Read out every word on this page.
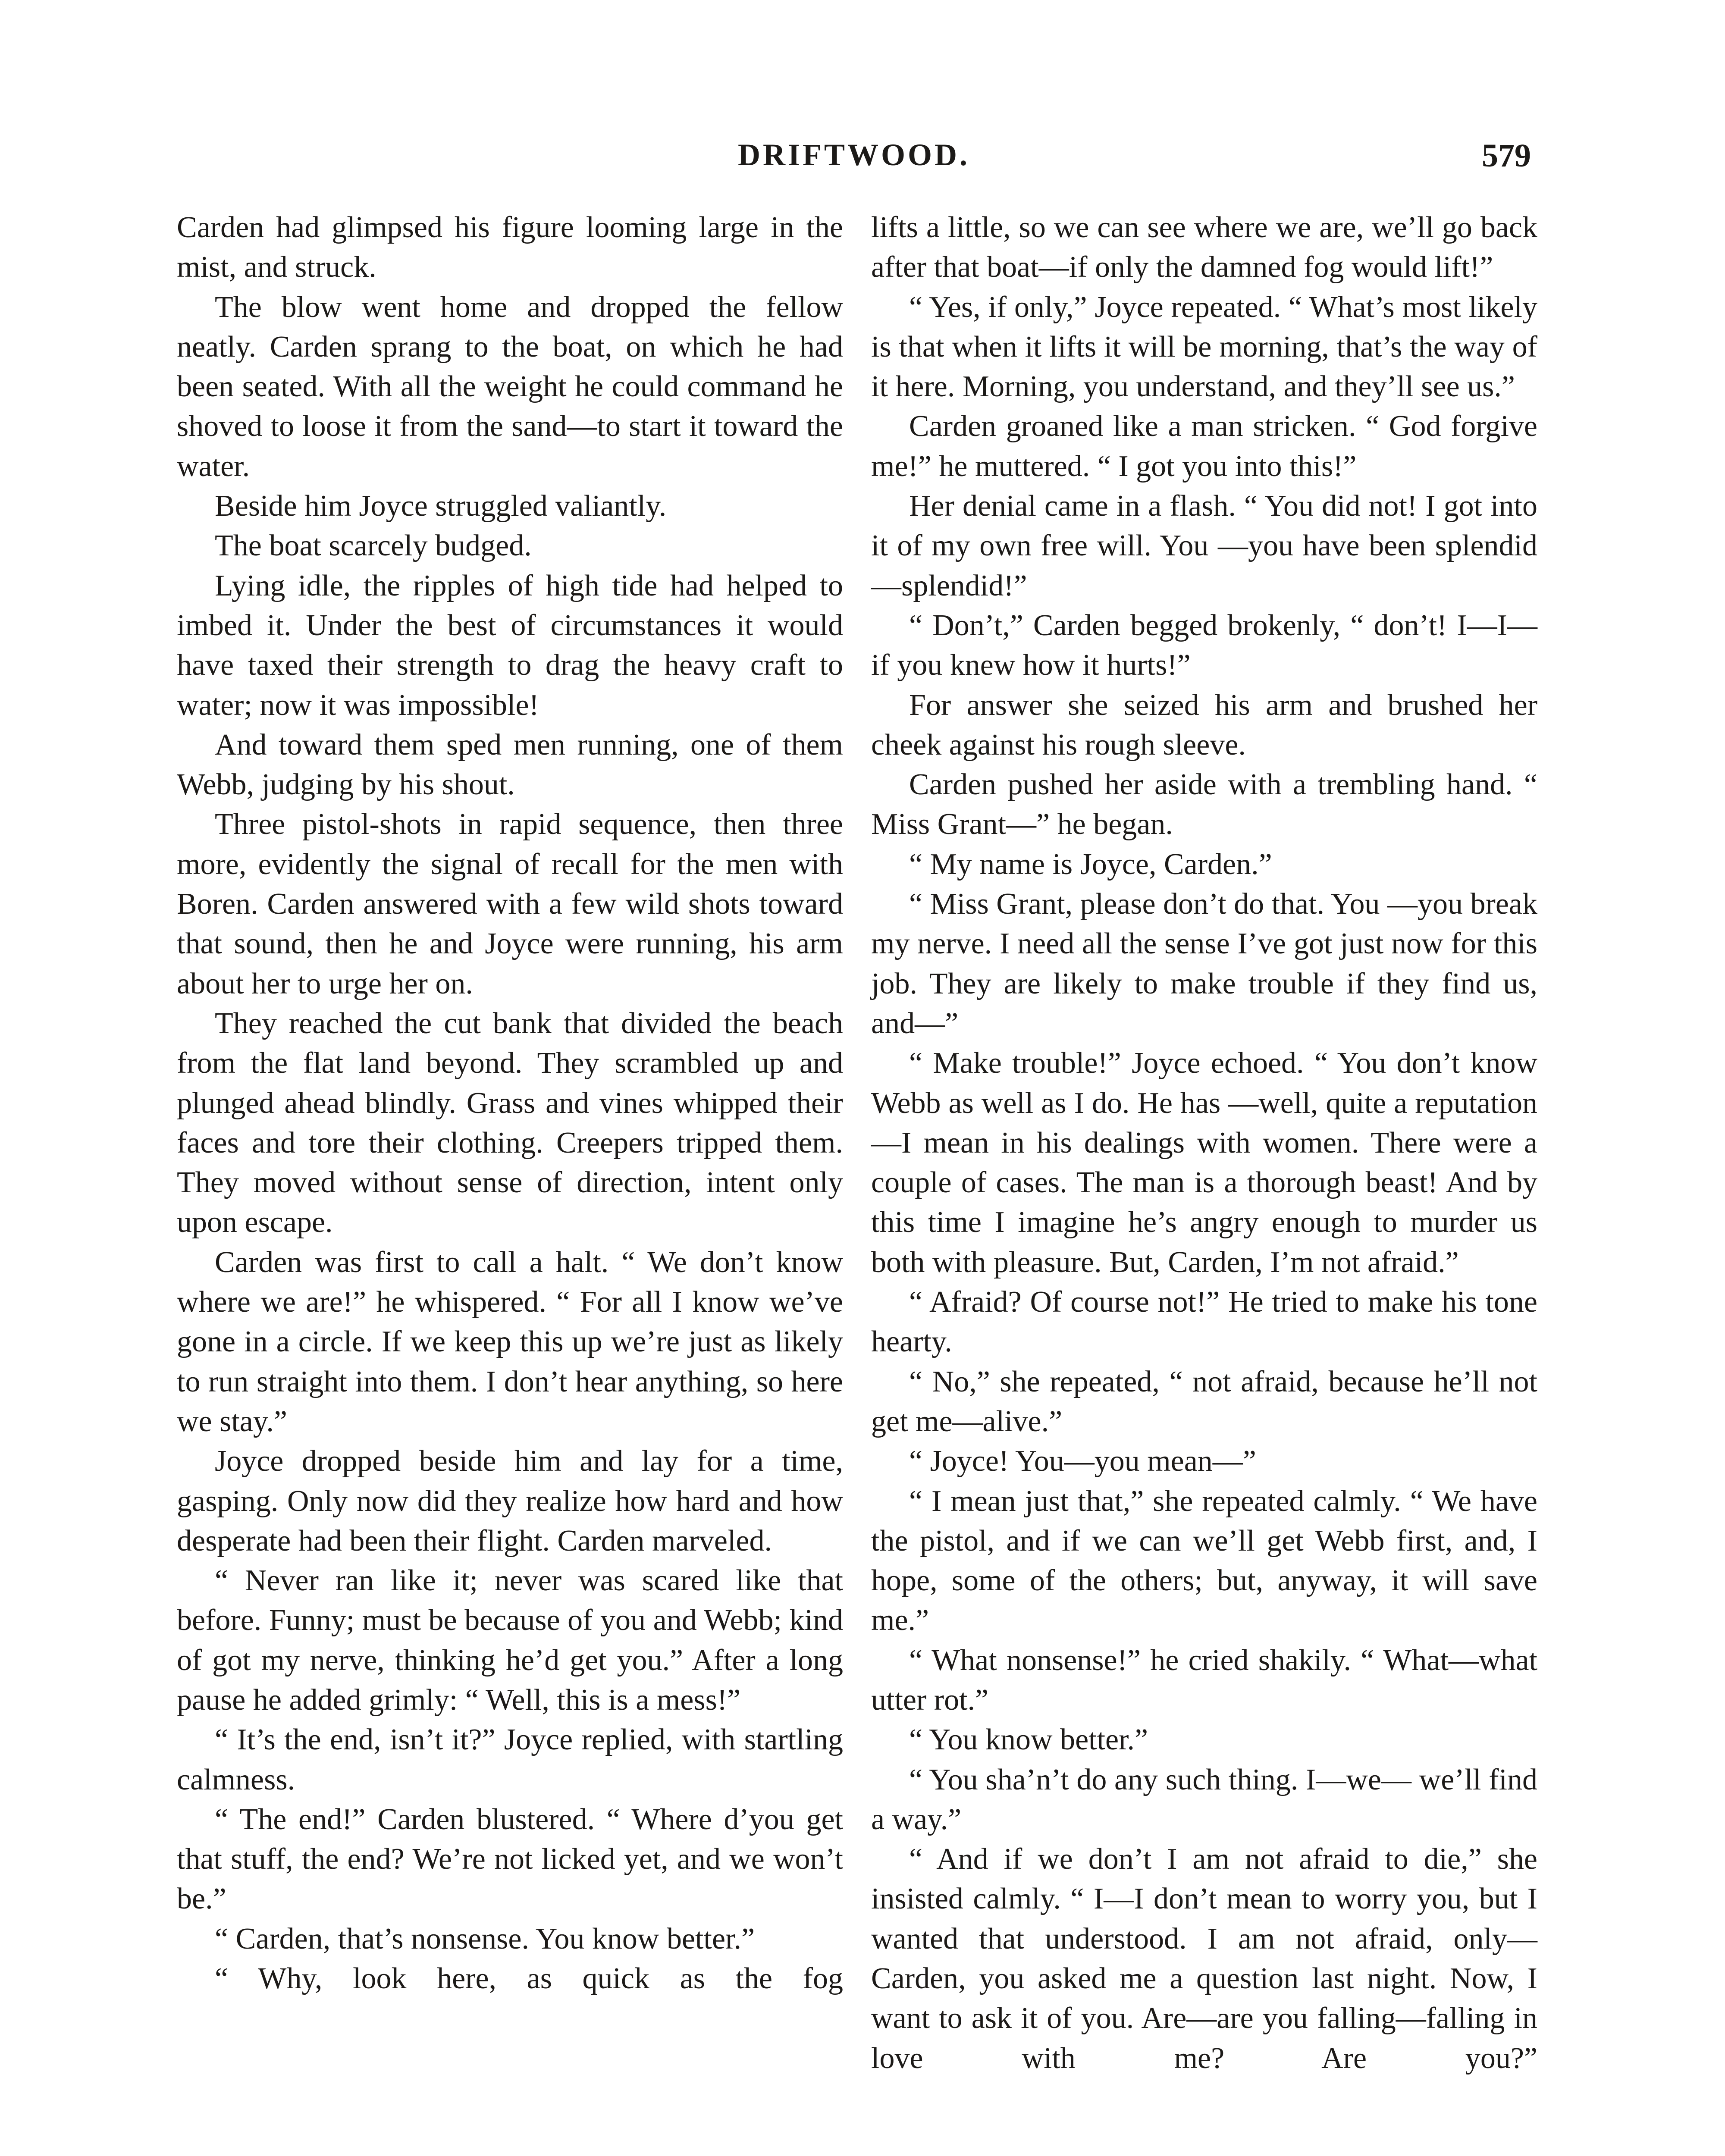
DRIFTWOOD.	579

Carden had glimpsed his figure looming large in the mist, and struck.

The blow went home and dropped the fellow neatly. Carden sprang to the boat, on which he had been seated. With all the weight he could command he shoved to loose it from the sand—to start it toward the water.

Beside him Joyce struggled valiantly.

The boat scarcely budged.

Lying idle, the ripples of high tide had helped to imbed it. Under the best of circumstances it would have taxed their strength to drag the heavy craft to water; now it was impossible!

And toward them sped men running, one of them Webb, judging by his shout.

Three pistol-shots in rapid sequence, then three more, evidently the signal of recall for the men with Boren. Carden answered with a few wild shots toward that sound, then he and Joyce were running, his arm about her to urge her on.

They reached the cut bank that divided the beach from the flat land beyond. They scrambled up and plunged ahead blindly. Grass and vines whipped their faces and tore their clothing. Creepers tripped them. They moved without sense of direction, intent only upon escape.

Carden was first to call a halt. “ We don’t know where we are!” he whispered. “ For all I know we’ve gone in a circle. If we keep this up we’re just as likely to run straight into them. I don’t hear anything, so here we stay.”

Joyce dropped beside him and lay for a time, gasping. Only now did they realize how hard and how desperate had been their flight. Carden marveled.

“ Never ran like it; never was scared like that before. Funny; must be because of you and Webb; kind of got my nerve, thinking he’d get you.” After a long pause he added grimly: “ Well, this is a mess!”

“ It’s the end, isn’t it?” Joyce replied, with startling calmness.

“ The end!” Carden blustered. “ Where d’you get that stuff, the end? We’re not licked yet, and we won’t be.”

“ Carden, that’s nonsense. You know better.”

“ Why, look here, as quick as the fog

lifts a little, so we can see where we are, we’ll go back after that boat—if only the damned fog would lift!”

“ Yes, if only,” Joyce repeated. “ What’s most likely is that when it lifts it will be morning, that’s the way of it here. Morning, you understand, and they’ll see us.”

Carden groaned like a man stricken. “ God forgive me!” he muttered. “ I got you into this!”

Her denial came in a flash. “ You did not! I got into it of my own free will. You —you have been splendid—splendid!”

“ Don’t,” Carden begged brokenly, “ don’t! I—I—if you knew how it hurts!”

For answer she seized his arm and brushed her cheek against his rough sleeve.

Carden pushed her aside with a trembling hand. “ Miss Grant—” he began.

“ My name is Joyce, Carden.”

“ Miss Grant, please don’t do that. You —you break my nerve. I need all the sense I’ve got just now for this job. They are likely to make trouble if they find us, and—”

“ Make trouble!” Joyce echoed. “ You don’t know Webb as well as I do. He has —well, quite a reputation—I mean in his dealings with women. There were a couple of cases. The man is a thorough beast! And by this time I imagine he’s angry enough to murder us both with pleasure. But, Carden, I’m not afraid.”

“ Afraid? Of course not!” He tried to make his tone hearty.

“ No,” she repeated, “ not afraid, because he’ll not get me—alive.”

“ Joyce! You—you mean—”

“ I mean just that,” she repeated calmly. “ We have the pistol, and if we can we’ll get Webb first, and, I hope, some of the others; but, anyway, it will save me.”

“ What nonsense!” he cried shakily. “ What—what utter rot.”

“ You know better.”

“ You sha’n’t do any such thing. I—we— we’ll find a way.”

“ And if we don’t I am not afraid to die,” she insisted calmly. “ I—I don’t mean to worry you, but I wanted that understood. I am not afraid, only—Carden, you asked me a question last night. Now, I want to ask it of you. Are—are you falling—falling in love with me? Are you?”
